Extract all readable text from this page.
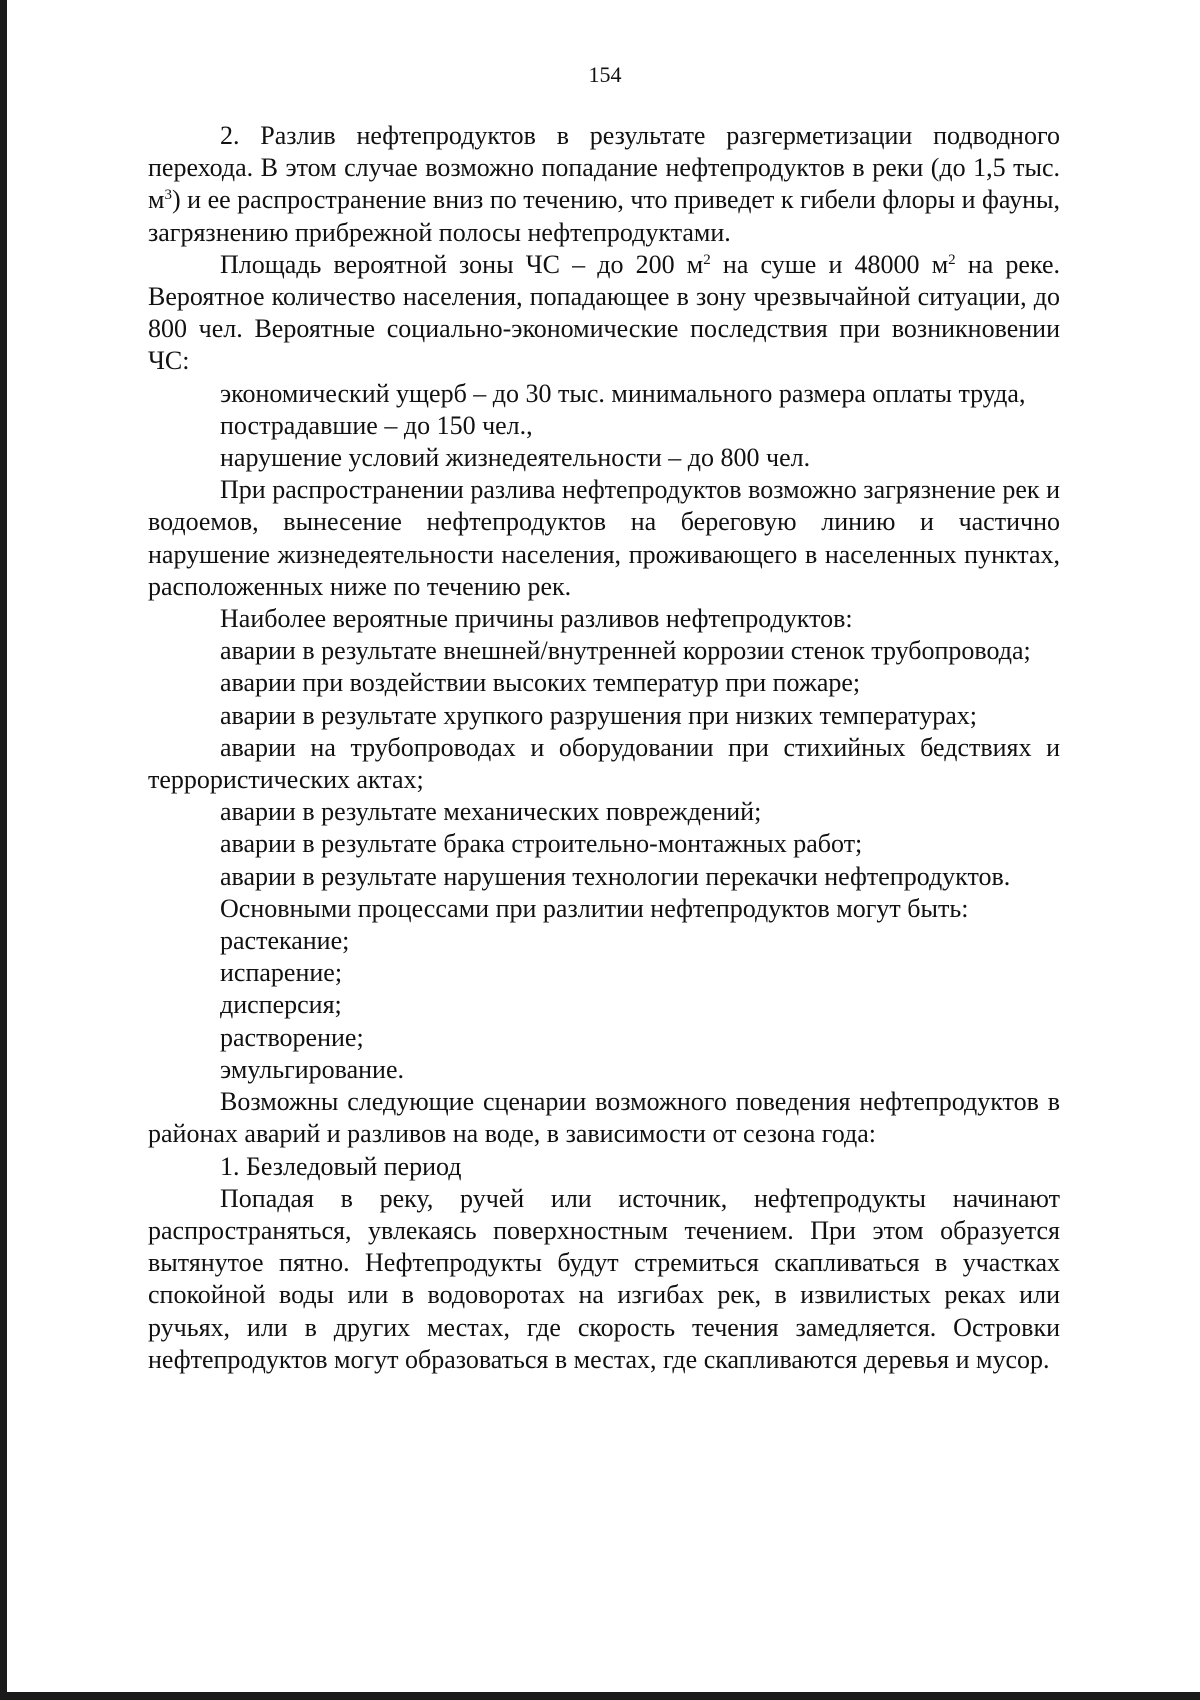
154

2. Разлив нефтепродуктов в результате разгерметизации подводного перехода. В этом случае возможно попадание нефтепродуктов в реки (до 1,5 тыс. $м^3$) и ее распространение вниз по течению, что приведет к гибели флоры и фауны, загрязнению прибрежной полосы нефтепродуктами.

Площадь вероятной зоны ЧС – до 200 $м^2$ на суше и 48000 $м^2$ на реке. Вероятное количество населения, попадающее в зону чрезвычайной ситуации, до 800 чел. Вероятные социально-экономические последствия при возникновении ЧС:

экономический ущерб – до 30 тыс. минимального размера оплаты труда,

пострадавшие – до 150 чел.,

нарушение условий жизнедеятельности – до 800 чел.

При распространении разлива нефтепродуктов возможно загрязнение рек и водоемов, вынесение нефтепродуктов на береговую линию и частично нарушение жизнедеятельности населения, проживающего в населенных пунктах, расположенных ниже по течению рек.

Наиболее вероятные причины разливов нефтепродуктов:

аварии в результате внешней/внутренней коррозии стенок трубопровода;

аварии при воздействии высоких температур при пожаре;

аварии в результате хрупкого разрушения при низких температурах;

аварии на трубопроводах и оборудовании при стихийных бедствиях и террористических актах;

аварии в результате механических повреждений;

аварии в результате брака строительно-монтажных работ;

аварии в результате нарушения технологии перекачки нефтепродуктов.

Основными процессами при разлитии нефтепродуктов могут быть:

растекание;

испарение;

дисперсия;

растворение;

эмульгирование.

Возможны следующие сценарии возможного поведения нефтепродуктов в районах аварий и разливов на воде, в зависимости от сезона года:

1. Безледовый период

Попадая в реку, ручей или источник, нефтепродукты начинают распространяться, увлекаясь поверхностным течением. При этом образуется вытянутое пятно. Нефтепродукты будут стремиться скапливаться в участках спокойной воды или в водоворотах на изгибах рек, в извилистых реках или ручьях, или в других местах, где скорость течения замедляется. Островки нефтепродуктов могут образоваться в местах, где скапливаются деревья и мусор.
